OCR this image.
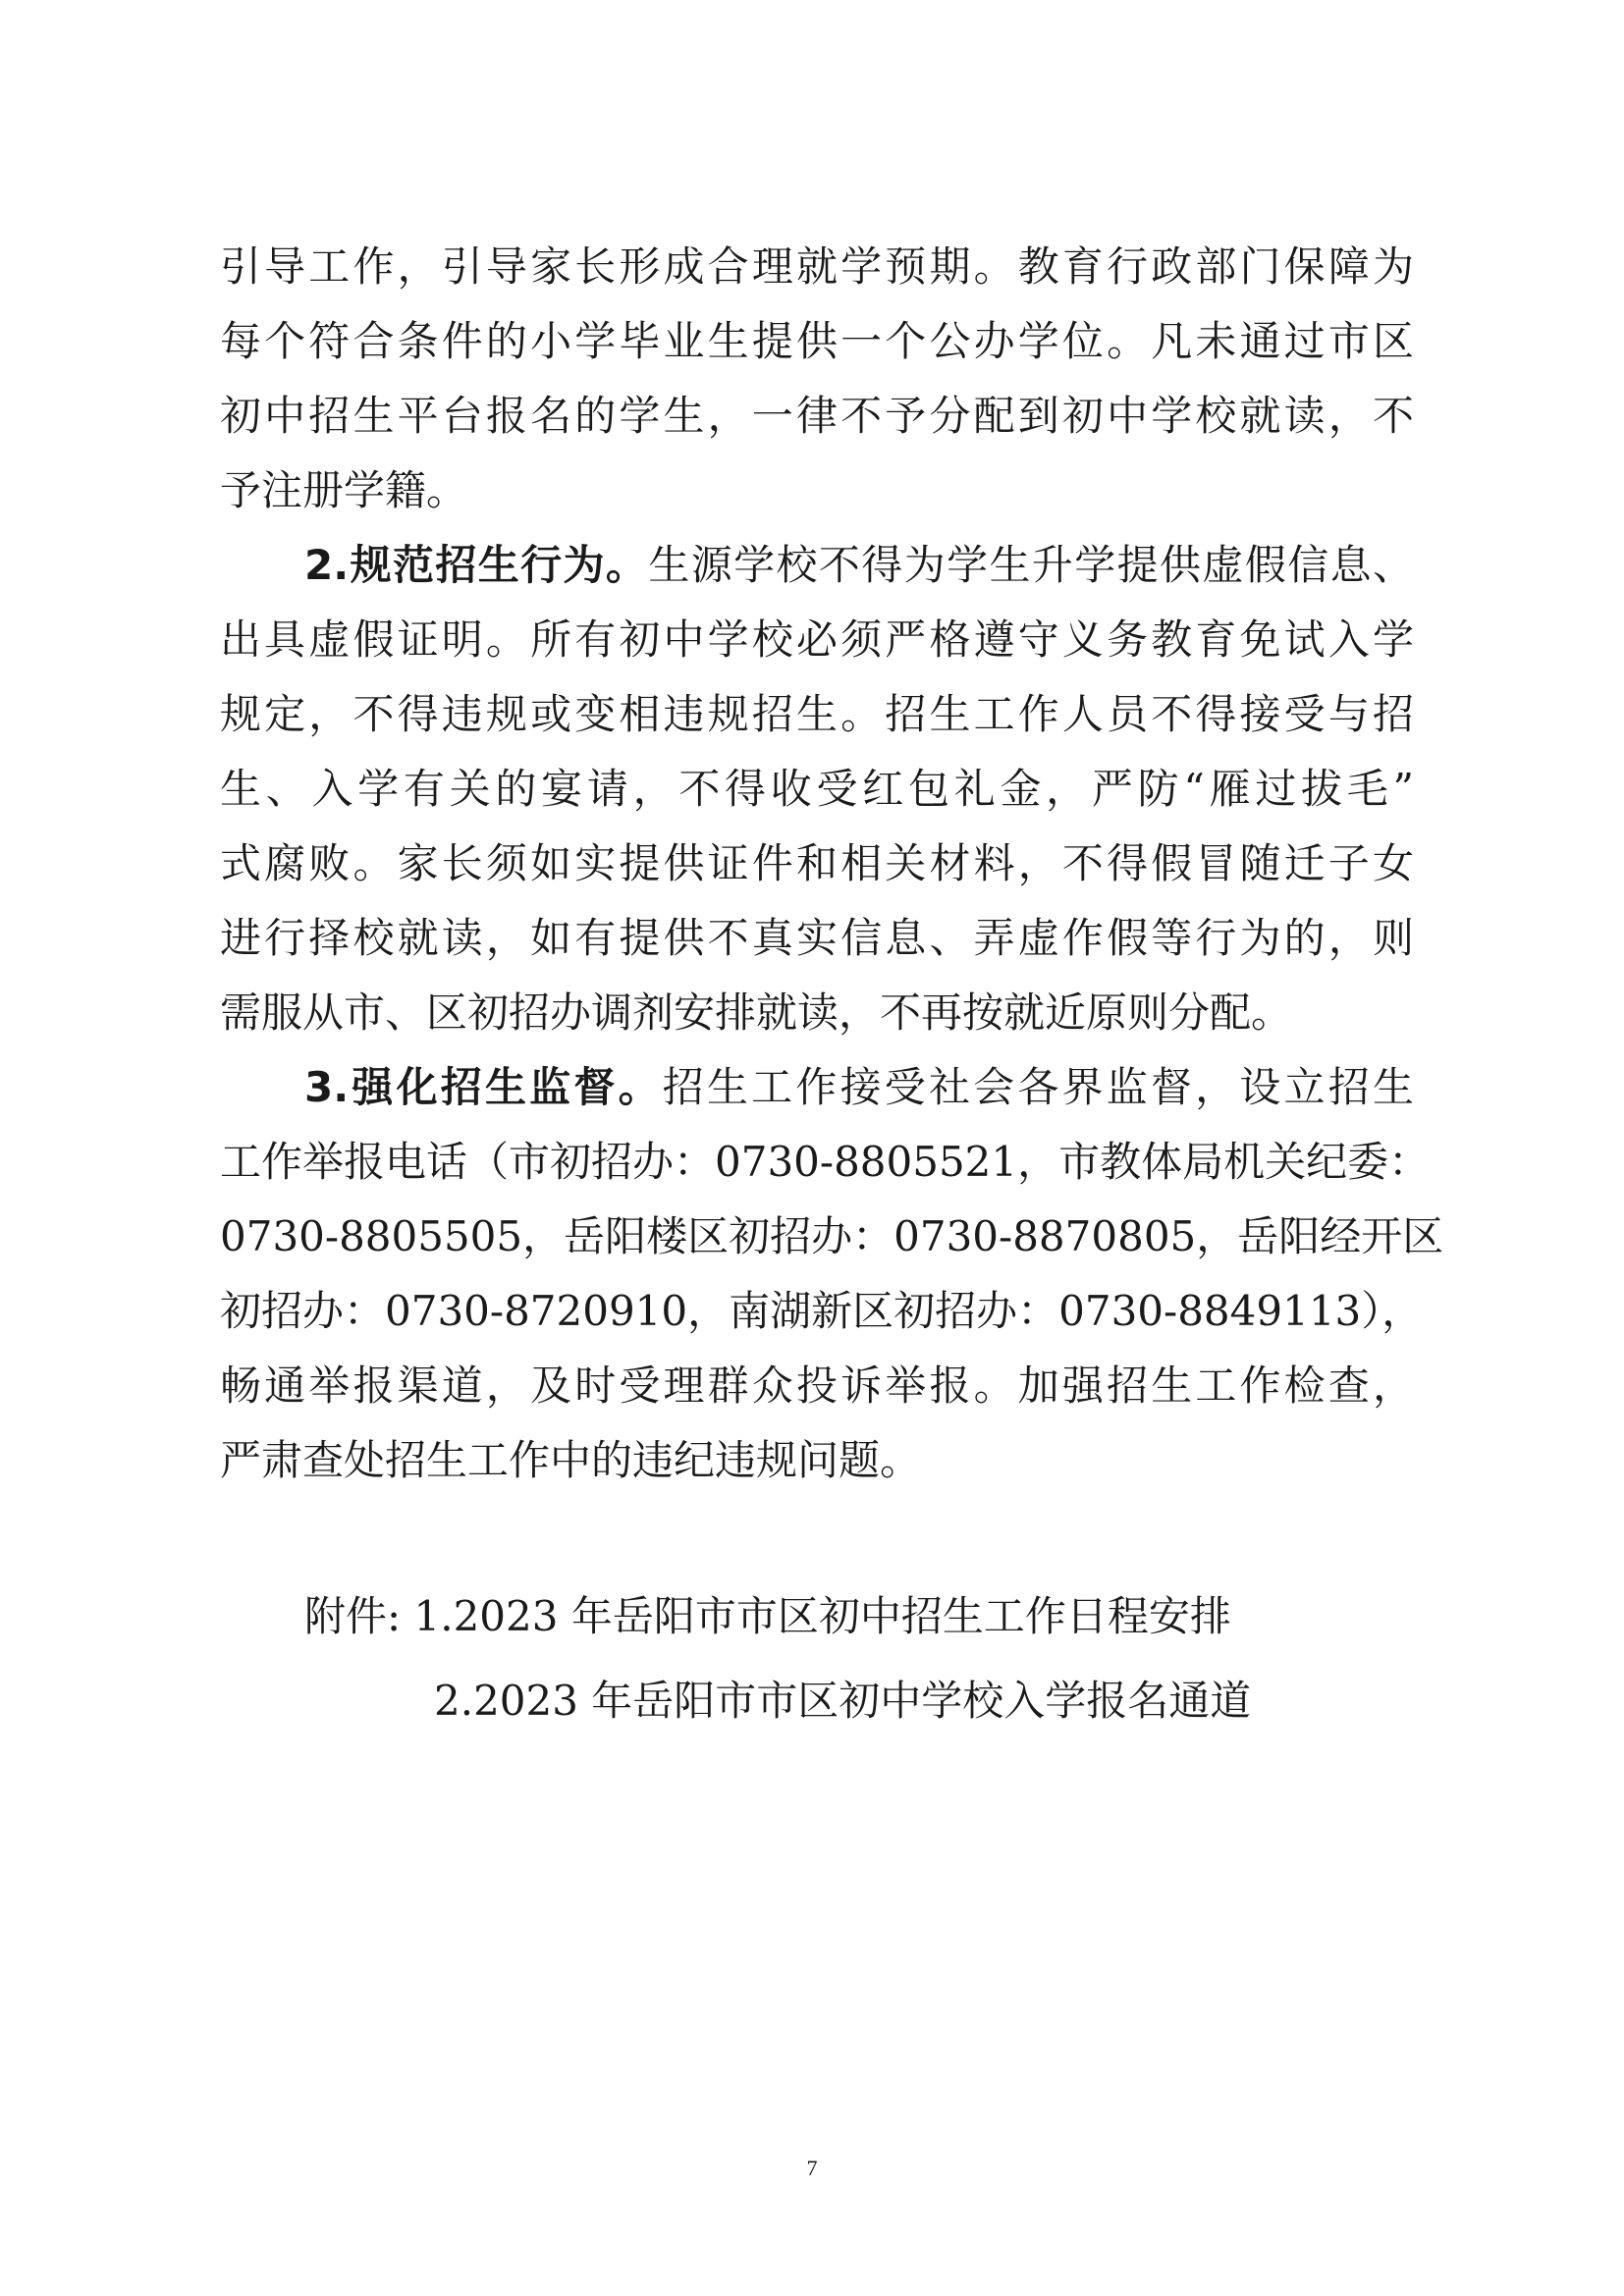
引导工作，引导家长形成合理就学预期。教育行政部门保障为
每个符合条件的小学毕业生提供一个公办学位。凡未通过市区
初中招生平台报名的学生，一律不予分配到初中学校就读，不
予注册学籍。
2.规范招生行为。生源学校不得为学生升学提供虚假信息、
出具虚假证明。所有初中学校必须严格遵守义务教育免试入学
规定，不得违规或变相违规招生。招生工作人员不得接受与招
生、入学有关的宴请，不得收受红包礼金，严防“雁过拔毛”
式腐败。家长须如实提供证件和相关材料，不得假冒随迁子女
进行择校就读，如有提供不真实信息、弄虚作假等行为的，则
需服从市、区初招办调剂安排就读，不再按就近原则分配。
3.强化招生监督。招生工作接受社会各界监督，设立招生
工作举报电话（市初招办：0730-8805521，市教体局机关纪委：
0730-8805505，岳阳楼区初招办：0730-8870805，岳阳经开区
初招办：0730-8720910，南湖新区初招办：0730-8849113），
畅通举报渠道，及时受理群众投诉举报。加强招生工作检查，
严肃查处招生工作中的违纪违规问题。
附件: 1.2023 年岳阳市市区初中招生工作日程安排
2.2023 年岳阳市市区初中学校入学报名通道
7
